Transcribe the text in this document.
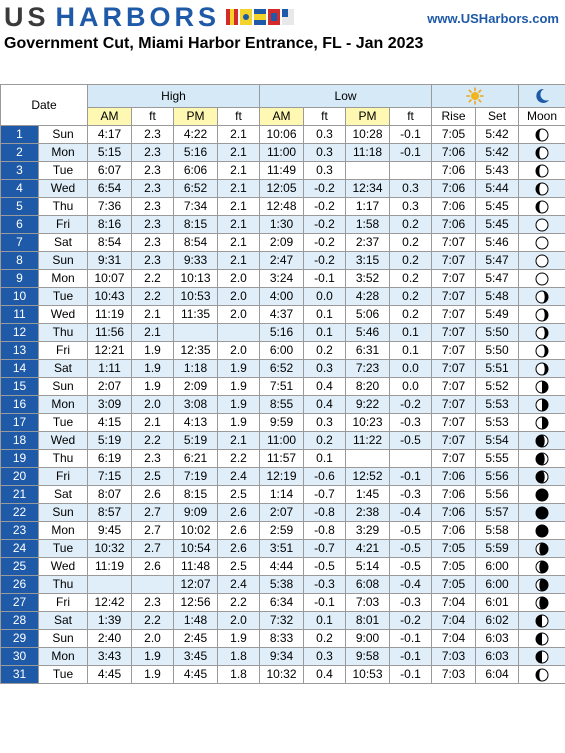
US HARBORS	www.USHarbors.com
Government Cut, Miami Harbor Entrance, FL - Jan 2023
Date		High				Low	

		AM	ft	PM	ft	AM	ft	PM	ft	Rise	Set	Moon
1	Sun	4:17	2.3	4:22	2.1	10:06	0.3	10:28	-0.1	7:05	5:42	

2	Mon	5:15	2.3	5:16	2.1	11:00	0.3	11:18	-0.1	7:06	5:42	

3	Tue	6:07	2.3	6:06	2.1	11:49	0.3			7:06	5:43	

4	Wed	6:54	2.3	6:52	2.1	12:05	-0.2	12:34	0.3	7:06	5:44	

5	Thu	7:36	2.3	7:34	2.1	12:48	-0.2	1:17	0.3	7:06	5:45	

6	Fri	8:16	2.3	8:15	2.1	1:30	-0.2	1:58	0.2	7:06	5:45	

7	Sat	8:54	2.3	8:54	2.1	2:09	-0.2	2:37	0.2	7:07	5:46	

8	Sun	9:31	2.3	9:33	2.1	2:47	-0.2	3:15	0.2	7:07	5:47	

9	Mon	10:07	2.2	10:13	2.0	3:24	-0.1	3:52	0.2	7:07	5:47	

10	Tue	10:43	2.2	10:53	2.0	4:00	0.0	4:28	0.2	7:07	5:48	

11	Wed	11:19	2.1	11:35	2.0	4:37	0.1	5:06	0.2	7:07	5:49	

12	Thu	11:56	2.1			5:16	0.1	5:46	0.1	7:07	5:50	

13	Fri	12:21	1.9	12:35	2.0	6:00	0.2	6:31	0.1	7:07	5:50	

14	Sat	1:11	1.9	1:18	1.9	6:52	0.3	7:23	0.0	7:07	5:51	

15	Sun	2:07	1.9	2:09	1.9	7:51	0.4	8:20	0.0	7:07	5:52	

16	Mon	3:09	2.0	3:08	1.9	8:55	0.4	9:22	-0.2	7:07	5:53	

17	Tue	4:15	2.1	4:13	1.9	9:59	0.3	10:23	-0.3	7:07	5:53	

18	Wed	5:19	2.2	5:19	2.1	11:00	0.2	11:22	-0.5	7:07	5:54	

19	Thu	6:19	2.3	6:21	2.2	11:57	0.1			7:07	5:55	

20	Fri	7:15	2.5	7:19	2.4	12:19	-0.6	12:52	-0.1	7:06	5:56	

21	Sat	8:07	2.6	8:15	2.5	1:14	-0.7	1:45	-0.3	7:06	5:56	

22	Sun	8:57	2.7	9:09	2.6	2:07	-0.8	2:38	-0.4	7:06	5:57	

23	Mon	9:45	2.7	10:02	2.6	2:59	-0.8	3:29	-0.5	7:06	5:58	

24	Tue	10:32	2.7	10:54	2.6	3:51	-0.7	4:21	-0.5	7:05	5:59	

25	Wed	11:19	2.6	11:48	2.5	4:44	-0.5	5:14	-0.5	7:05	6:00	

26	Thu			12:07	2.4	5:38	-0.3	6:08	-0.4	7:05	6:00	

27	Fri	12:42	2.3	12:56	2.2	6:34	-0.1	7:03	-0.3	7:04	6:01	

28	Sat	1:39	2.2	1:48	2.0	7:32	0.1	8:01	-0.2	7:04	6:02	

29	Sun	2:40	2.0	2:45	1.9	8:33	0.2	9:00	-0.1	7:04	6:03	

30	Mon	3:43	1.9	3:45	1.8	9:34	0.3	9:58	-0.1	7:03	6:03	

31	Tue	4:45	1.9	4:45	1.8	10:32	0.4	10:53	-0.1	7:03	6:04	
